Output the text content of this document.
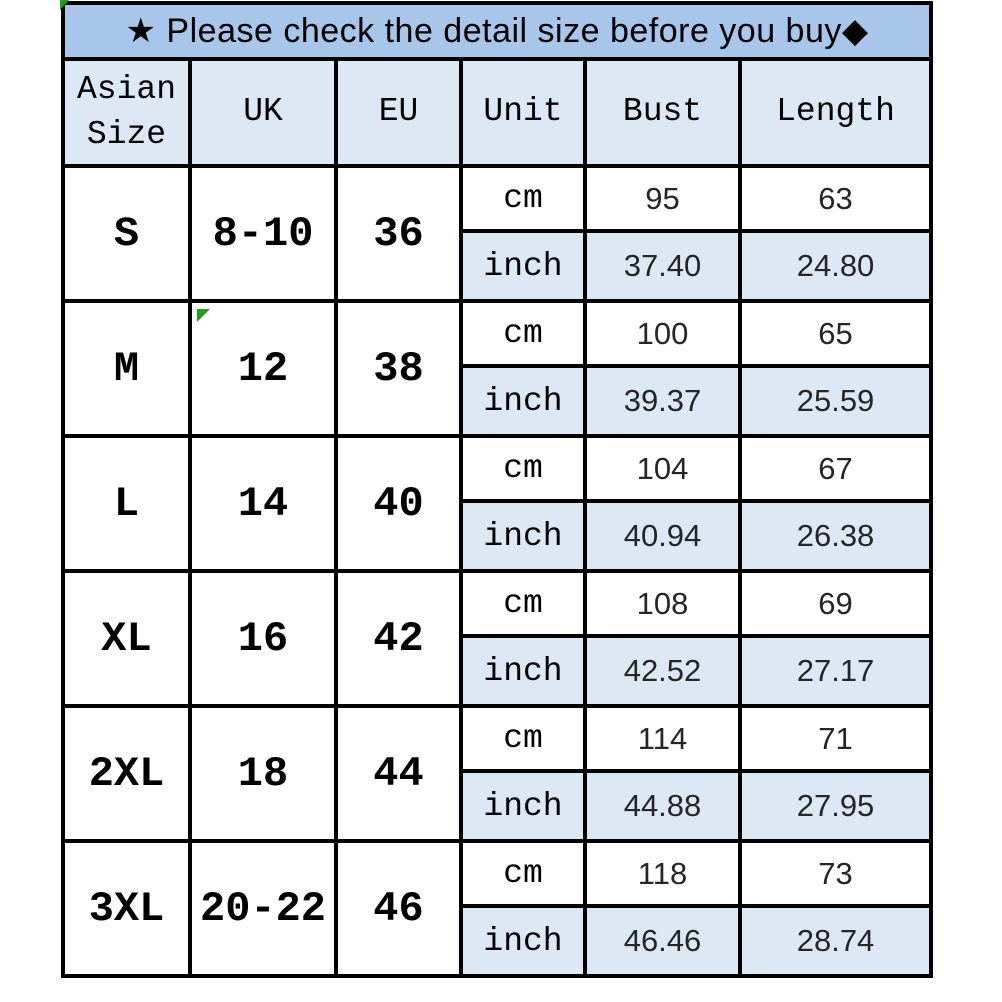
★ Please check the detail size before you buy◆					
Asian Size	UK	EU	Unit	Bust	Length
S	8-10	36	cm	95	63
			inch	37.40	24.80
M	12	38	cm	100	65
			inch	39.37	25.59
L	14	40	cm	104	67
			inch	40.94	26.38
XL	16	42	cm	108	69
			inch	42.52	27.17
2XL	18	44	cm	114	71
			inch	44.88	27.95
3XL	20-22	46	cm	118	73
			inch	46.46	28.74
